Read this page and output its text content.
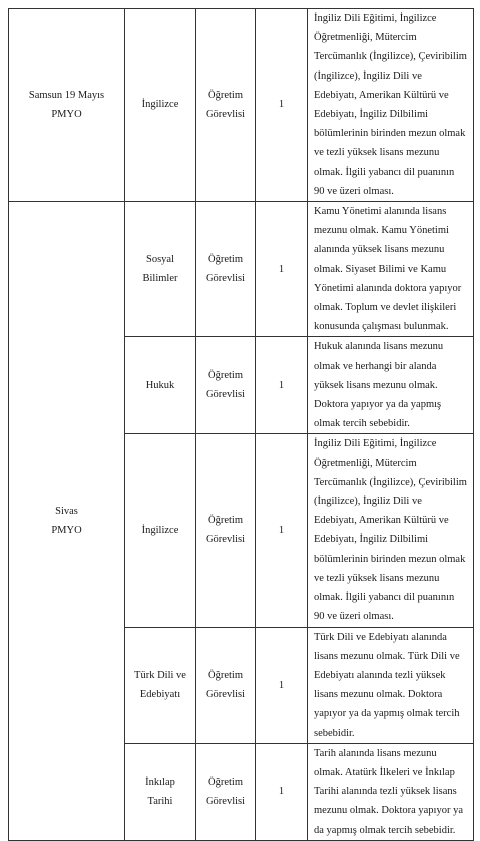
Samsun 19 Mayıs PMYO	İngilizce	Öğretim Görevlisi	1	İngiliz Dili Eğitimi, İngilizce Öğretmenliği, Mütercim Tercümanlık (İngilizce), Çeviribilim (İngilizce), İngiliz Dili ve Edebiyatı, Amerikan Kültürü ve Edebiyatı, İngiliz Dilbilimi bölümlerinin birinden mezun olmak ve tezli yüksek lisans mezunu olmak. İlgili yabancı dil puanının 90 ve üzeri olması.
Sivas PMYO	Sosyal Bilimler	Öğretim Görevlisi	1	Kamu Yönetimi alanında lisans mezunu olmak. Kamu Yönetimi alanında yüksek lisans mezunu olmak. Siyaset Bilimi ve Kamu Yönetimi alanında doktora yapıyor olmak. Toplum ve devlet ilişkileri konusunda çalışması bulunmak.
	Hukuk	Öğretim Görevlisi	1	Hukuk alanında lisans mezunu olmak ve herhangi bir alanda yüksek lisans mezunu olmak. Doktora yapıyor ya da yapmış olmak tercih sebebidir.
	İngilizce	Öğretim Görevlisi	1	İngiliz Dili Eğitimi, İngilizce Öğretmenliği, Mütercim Tercümanlık (İngilizce), Çeviribilim (İngilizce), İngiliz Dili ve Edebiyatı, Amerikan Kültürü ve Edebiyatı, İngiliz Dilbilimi bölümlerinin birinden mezun olmak ve tezli yüksek lisans mezunu olmak. İlgili yabancı dil puanının 90 ve üzeri olması.
	Türk Dili ve Edebiyatı	Öğretim Görevlisi	1	Türk Dili ve Edebiyatı alanında lisans mezunu olmak. Türk Dili ve Edebiyatı alanında tezli yüksek lisans mezunu olmak. Doktora yapıyor ya da yapmış olmak tercih sebebidir.
	İnkılap Tarihi	Öğretim Görevlisi	1	Tarih alanında lisans mezunu olmak. Atatürk İlkeleri ve İnkılap Tarihi alanında tezli yüksek lisans mezunu olmak. Doktora yapıyor ya da yapmış olmak tercih sebebidir.
